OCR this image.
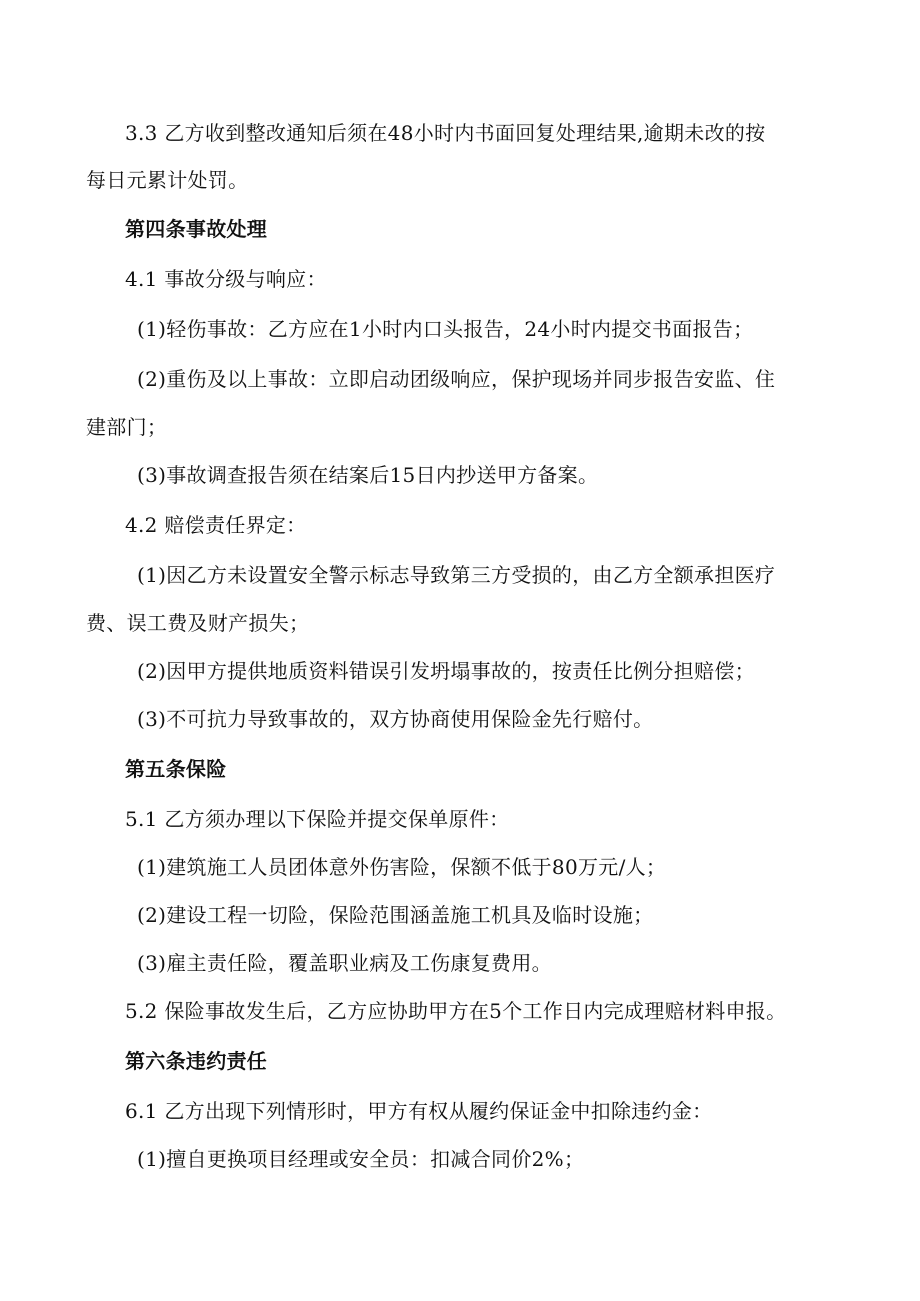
3.3 乙方收到整改通知后须在48小时内书面回复处理结果,逾期未改的按
每日元累计处罚。
第四条事故处理
4.1 事故分级与响应：
(1)轻伤事故：乙方应在1小时内口头报告，24小时内提交书面报告；
(2)重伤及以上事故：立即启动团级响应，保护现场并同步报告安监、住
建部门；
(3)事故调查报告须在结案后15日内抄送甲方备案。
4.2 赔偿责任界定：
(1)因乙方未设置安全警示标志导致第三方受损的，由乙方全额承担医疗
费、误工费及财产损失；
(2)因甲方提供地质资料错误引发坍塌事故的，按责任比例分担赔偿；
(3)不可抗力导致事故的，双方协商使用保险金先行赔付。
第五条保险
5.1 乙方须办理以下保险并提交保单原件：
(1)建筑施工人员团体意外伤害险，保额不低于80万元/人；
(2)建设工程一切险，保险范围涵盖施工机具及临时设施；
(3)雇主责任险，覆盖职业病及工伤康复费用。
5.2 保险事故发生后，乙方应协助甲方在5个工作日内完成理赔材料申报。
第六条违约责任
6.1 乙方出现下列情形时，甲方有权从履约保证金中扣除违约金：
(1)擅自更换项目经理或安全员：扣减合同价2%；
